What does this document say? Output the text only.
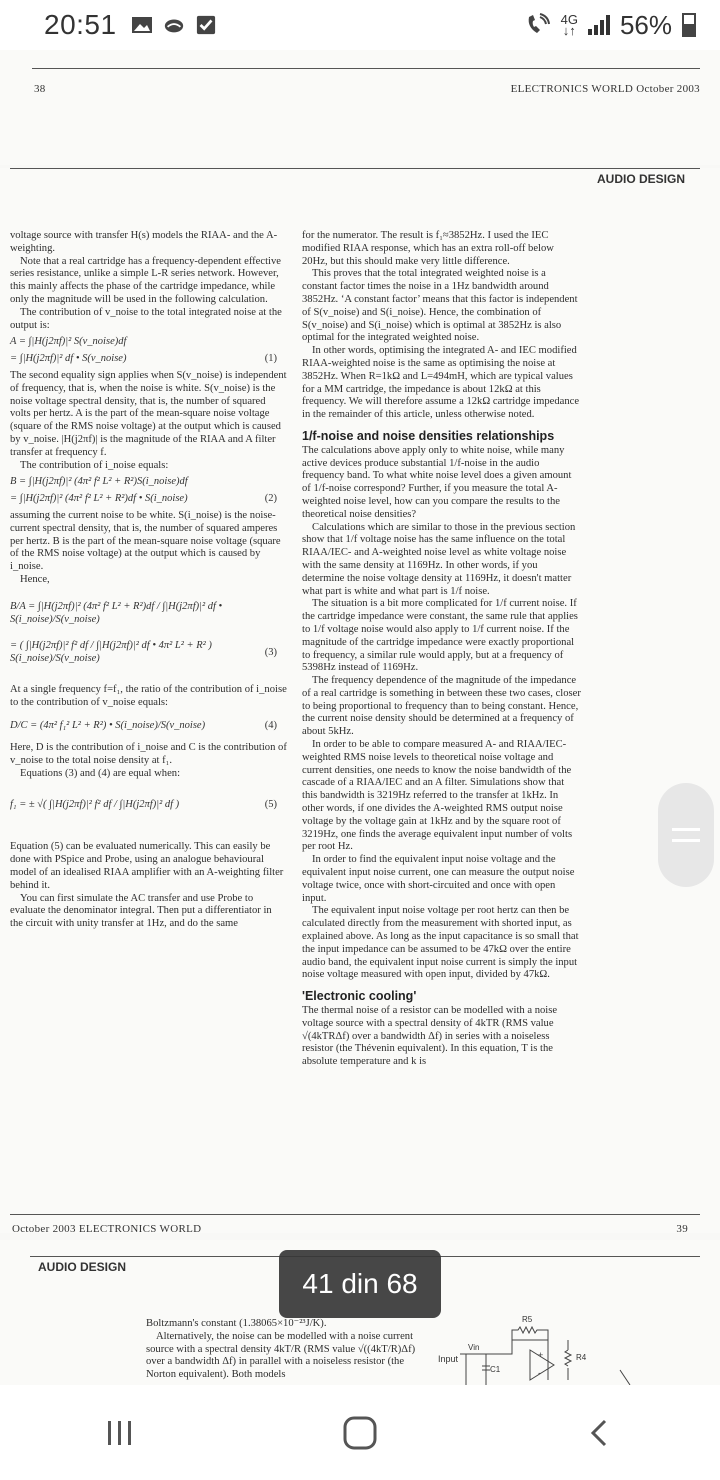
20:51	4G
↓↑ 56%
38	ELECTRONICS WORLD October 2003
AUDIO DESIGN

voltage source with transfer H(s) models the RIAA- and the A-weighting.

Note that a real cartridge has a frequency-dependent effective series resistance, unlike a simple L-R series network. However, this mainly affects the phase of the cartridge impedance, while only the magnitude will be used in the following calculation.

The contribution of v_noise to the total integrated noise at the output is:

A = ∫|H(j2πf)|² S(v_noise)df
= ∫|H(j2πf)|² df • S(v_noise)	(1)

The second equality sign applies when S(v_noise) is independent of frequency, that is, when the noise is white. S(v_noise) is the noise voltage spectral density, that is, the number of squared volts per hertz. A is the part of the mean-square noise voltage (square of the RMS noise voltage) at the output which is caused by v_noise. |H(j2πf)| is the magnitude of the RIAA and A filter transfer at frequency f.

The contribution of i_noise equals:

B = ∫|H(j2πf)|² (4π² f² L² + R²)S(i_noise)df
= ∫|H(j2πf)|² (4π² f² L² + R²)df • S(i_noise)	(2)

assuming the current noise to be white. S(i_noise) is the noise-current spectral density, that is, the number of squared amperes per hertz. B is the part of the mean-square noise voltage (square of the RMS noise voltage) at the output which is caused by i_noise.

Hence,

B/A = ∫|H(j2πf)|² (4π² f² L² + R²)df / ∫|H(j2πf)|² df • S(i_noise)/S(v_noise)
= ( ∫|H(j2πf)|² f² df / ∫|H(j2πf)|² df • 4π² L² + R² ) S(i_noise)/S(v_noise)
(3)

At a single frequency f=f₁, the ratio of the contribution of i_noise to the contribution of v_noise equals:

D/C = (4π² f₁² L² + R²) • S(i_noise)/S(v_noise)	(4)

Here, D is the contribution of i_noise and C is the contribution of v_noise to the total noise density at f₁.

Equations (3) and (4) are equal when:

f₁ = ± √( ∫|H(j2πf)|² f² df / ∫|H(j2πf)|² df )	(5)

Equation (5) can be evaluated numerically. This can easily be done with PSpice and Probe, using an analogue behavioural model of an idealised RIAA amplifier with an A-weighting filter behind it.

You can first simulate the AC transfer and use Probe to evaluate the denominator integral. Then put a differentiator in the circuit with unity transfer at 1Hz, and do the same

for the numerator. The result is f₁≈3852Hz. I used the IEC modified RIAA response, which has an extra roll-off below 20Hz, but this should make very little difference.

This proves that the total integrated weighted noise is a constant factor times the noise in a 1Hz bandwidth around 3852Hz. ‘A constant factor’ means that this factor is independent of S(v_noise) and S(i_noise). Hence, the combination of S(v_noise) and S(i_noise) which is optimal at 3852Hz is also optimal for the integrated weighted noise.

In other words, optimising the integrated A- and IEC modified RIAA-weighted noise is the same as optimising the noise at 3852Hz. When R=1kΩ and L=494mH, which are typical values for a MM cartridge, the impedance is about 12kΩ at this frequency. We will therefore assume a 12kΩ cartridge impedance in the remainder of this article, unless otherwise noted.

1/f-noise and noise densities relationships

The calculations above apply only to white noise, while many active devices produce substantial 1/f-noise in the audio frequency band. To what white noise level does a given amount of 1/f-noise correspond? Further, if you measure the total A-weighted noise level, how can you compare the results to the theoretical noise densities?

Calculations which are similar to those in the previous section show that 1/f voltage noise has the same influence on the total RIAA/IEC- and A-weighted noise level as white voltage noise with the same density at 1169Hz. In other words, if you determine the noise voltage density at 1169Hz, it doesn't matter what part is white and what part is 1/f noise.

The situation is a bit more complicated for 1/f current noise. If the cartridge impedance were constant, the same rule that applies to 1/f voltage noise would also apply to 1/f current noise. If the magnitude of the cartridge impedance were exactly proportional to frequency, a similar rule would apply, but at a frequency of 5398Hz instead of 1169Hz.

The frequency dependence of the magnitude of the impedance of a real cartridge is something in between these two cases, closer to being proportional to frequency than to being constant. Hence, the current noise density should be determined at a frequency of about 5kHz.

In order to be able to compare measured A- and RIAA/IEC-weighted RMS noise levels to theoretical noise voltage and current densities, one needs to know the noise bandwidth of the cascade of a RIAA/IEC and an A filter. Simulations show that this bandwidth is 3219Hz referred to the transfer at 1kHz. In other words, if one divides the A-weighted RMS output noise voltage by the voltage gain at 1kHz and by the square root of 3219Hz, one finds the average equivalent input number of volts per root Hz.

In order to find the equivalent input noise voltage and the equivalent input noise current, one can measure the output noise voltage twice, once with short-circuited and once with open input.

The equivalent input noise voltage per root hertz can then be calculated directly from the measurement with shorted input, as explained above. As long as the input capacitance is so small that the input impedance can be assumed to be 47kΩ over the entire audio band, the equivalent input noise current is simply the input noise voltage measured with open input, divided by 47kΩ.

'Electronic cooling'

The thermal noise of a resistor can be modelled with a noise voltage source with a spectral density of 4kTR (RMS value √(4kTRΔf) over a bandwidth Δf) in series with a noiseless resistor (the Thévenin equivalent). In this equation, T is the absolute temperature and k is

October 2003 ELECTRONICS WORLD	39
AUDIO DESIGN

Boltzmann's constant (1.38065×10⁻²³J/K).

Alternatively, the noise can be modelled with a noise current source with a spectral density 4kT/R (RMS value √((4kT/R)Δf) over a bandwidth Δf) in parallel with a noiseless resistor (the Norton equivalent). Both models

Input
Vin
C1
R5
R4
+
-
41 din 68
